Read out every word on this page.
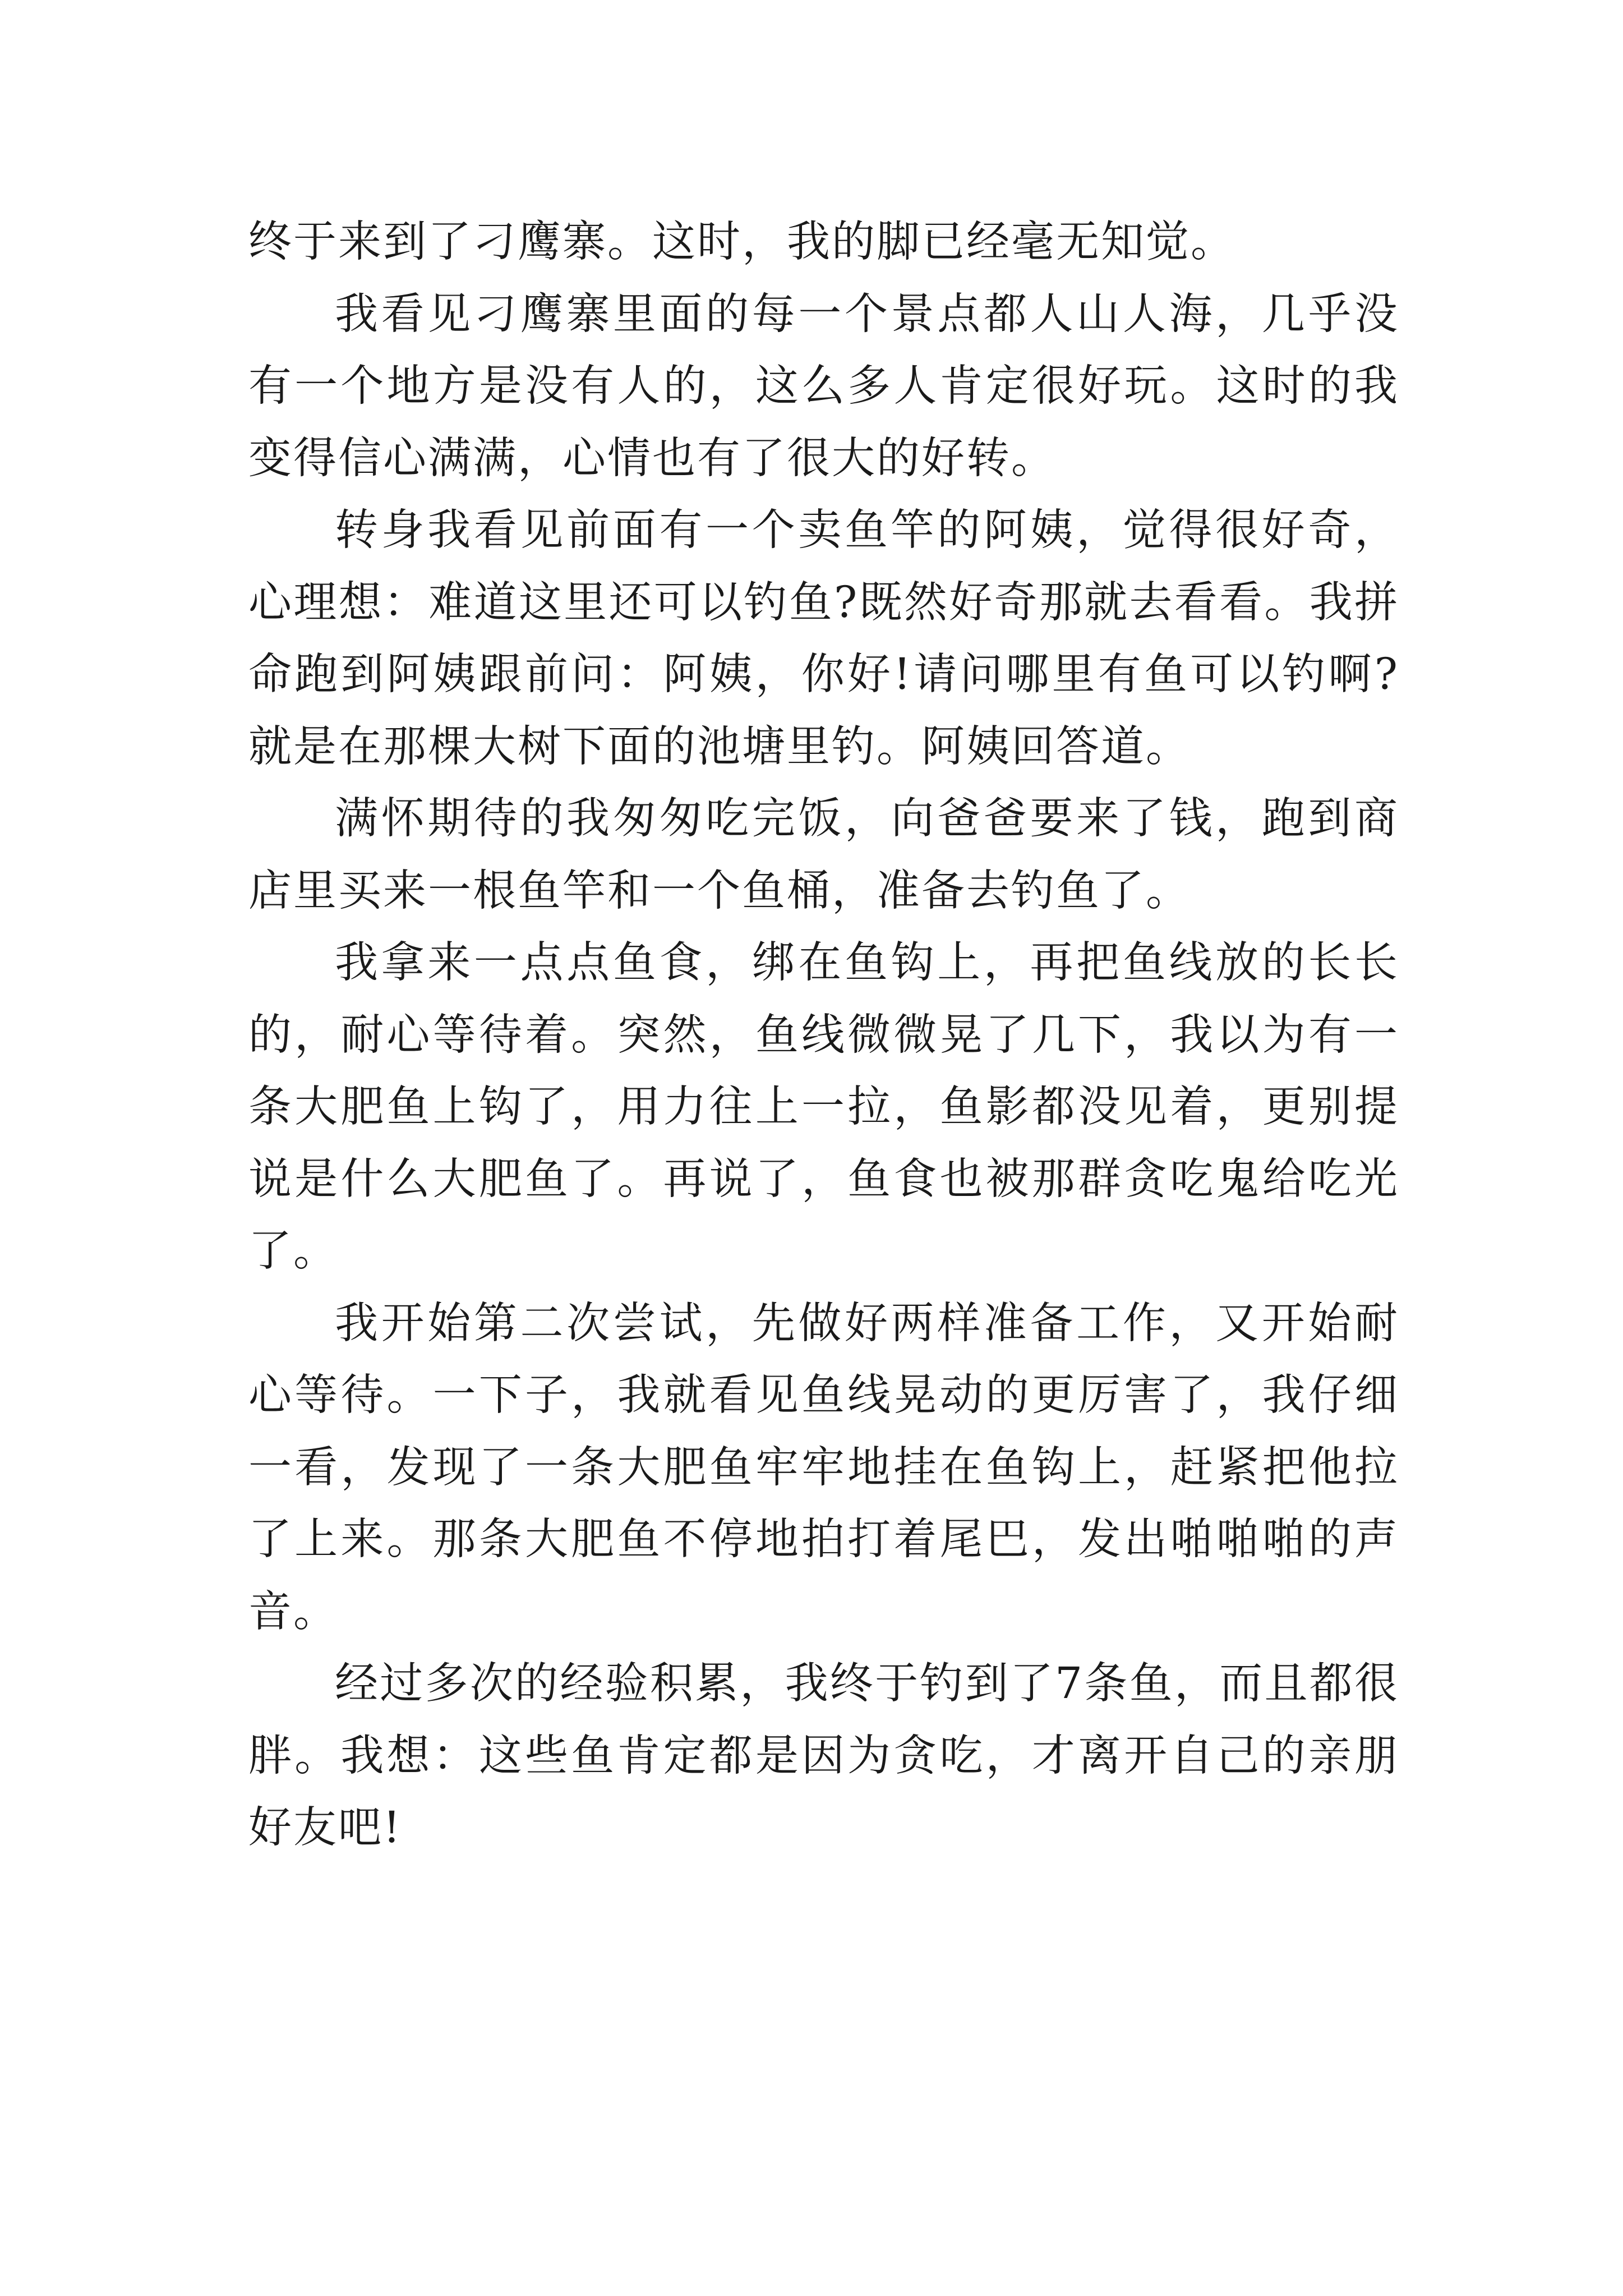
终于来到了刁鹰寨。这时，我的脚已经毫无知觉。

我看见刁鹰寨里面的每一个景点都人山人海，几乎没有一个地方是没有人的，这么多人肯定很好玩。这时的我变得信心满满，心情也有了很大的好转。

转身我看见前面有一个卖鱼竿的阿姨，觉得很好奇，心理想：难道这里还可以钓鱼?既然好奇那就去看看。我拼命跑到阿姨跟前问：阿姨，你好!请问哪里有鱼可以钓啊?就是在那棵大树下面的池塘里钓。阿姨回答道。

满怀期待的我匆匆吃完饭，向爸爸要来了钱，跑到商店里买来一根鱼竿和一个鱼桶，准备去钓鱼了。

我拿来一点点鱼食，绑在鱼钩上，再把鱼线放的长长的，耐心等待着。突然，鱼线微微晃了几下，我以为有一条大肥鱼上钩了，用力往上一拉，鱼影都没见着，更别提说是什么大肥鱼了。再说了，鱼食也被那群贪吃鬼给吃光了。

我开始第二次尝试，先做好两样准备工作，又开始耐心等待。一下子，我就看见鱼线晃动的更厉害了，我仔细一看，发现了一条大肥鱼牢牢地挂在鱼钩上，赶紧把他拉了上来。那条大肥鱼不停地拍打着尾巴，发出啪啪啪的声音。

经过多次的经验积累，我终于钓到了7条鱼，而且都很胖。我想：这些鱼肯定都是因为贪吃，才离开自己的亲朋好友吧!
